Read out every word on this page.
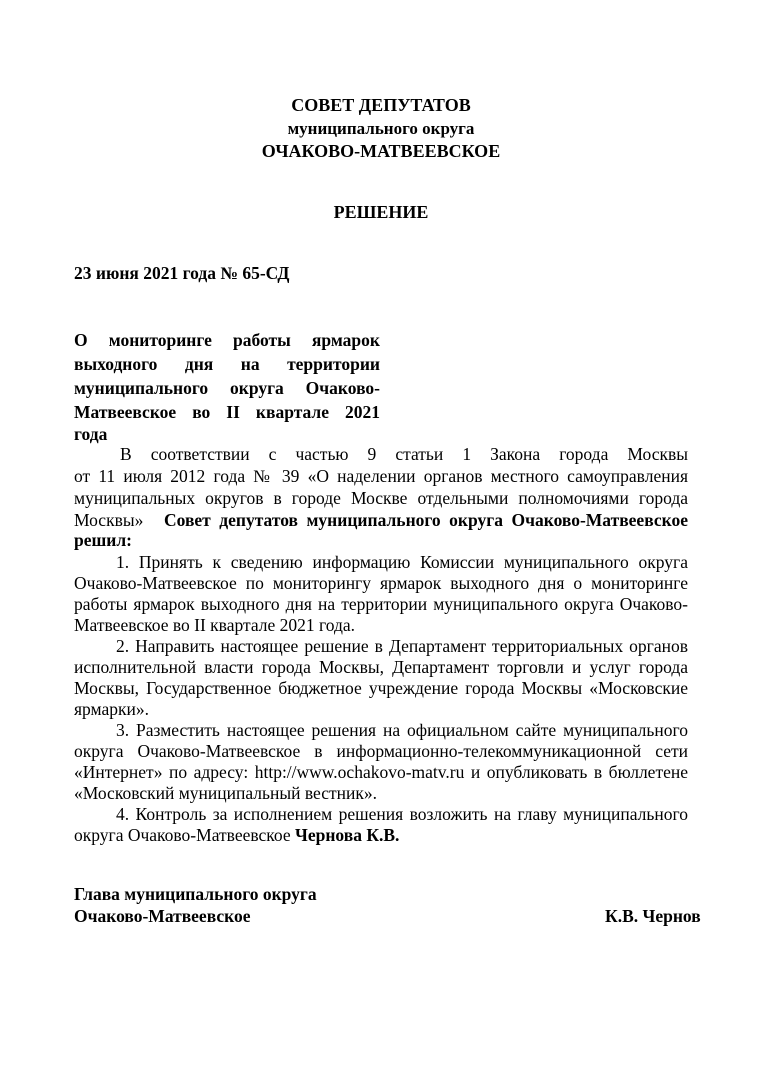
СОВЕТ ДЕПУТАТОВ
муниципального округа
ОЧАКОВО-МАТВЕЕВСКОЕ
РЕШЕНИЕ
23 июня 2021 года № 65-СД
О мониторинге работы ярмарок
выходного дня на территории
муниципального округа Очаково-
Матвеевское во II квартале 2021
года
В соответствии с частью 9 статьи 1 Закона города Москвы
от 11 июля 2012 года № 39 «О наделении органов местного самоуправления
муниципальных округов в городе Москве отдельными полномочиями города
Москвы» Совет депутатов муниципального округа Очаково-Матвеевское
решил:
1. Принять к сведению информацию Комиссии муниципального округа
Очаково-Матвеевское по мониторингу ярмарок выходного дня о мониторинге
работы ярмарок выходного дня на территории муниципального округа Очаково-
Матвеевское во II квартале 2021 года.
2. Направить настоящее решение в Департамент территориальных органов
исполнительной власти города Москвы, Департамент торговли и услуг города
Москвы, Государственное бюджетное учреждение города Москвы «Московские
ярмарки».
3. Разместить настоящее решения на официальном сайте муниципального
округа Очаково-Матвеевское в информационно-телекоммуникационной сети
«Интернет» по адресу: http://www.ochakovo-matv.ru и опубликовать в бюллетене
«Московский муниципальный вестник».
4. Контроль за исполнением решения возложить на главу муниципального
округа Очаково-Матвеевское Чернова К.В.
Глава муниципального округа
Очаково-Матвеевское	К.В. Чернов
